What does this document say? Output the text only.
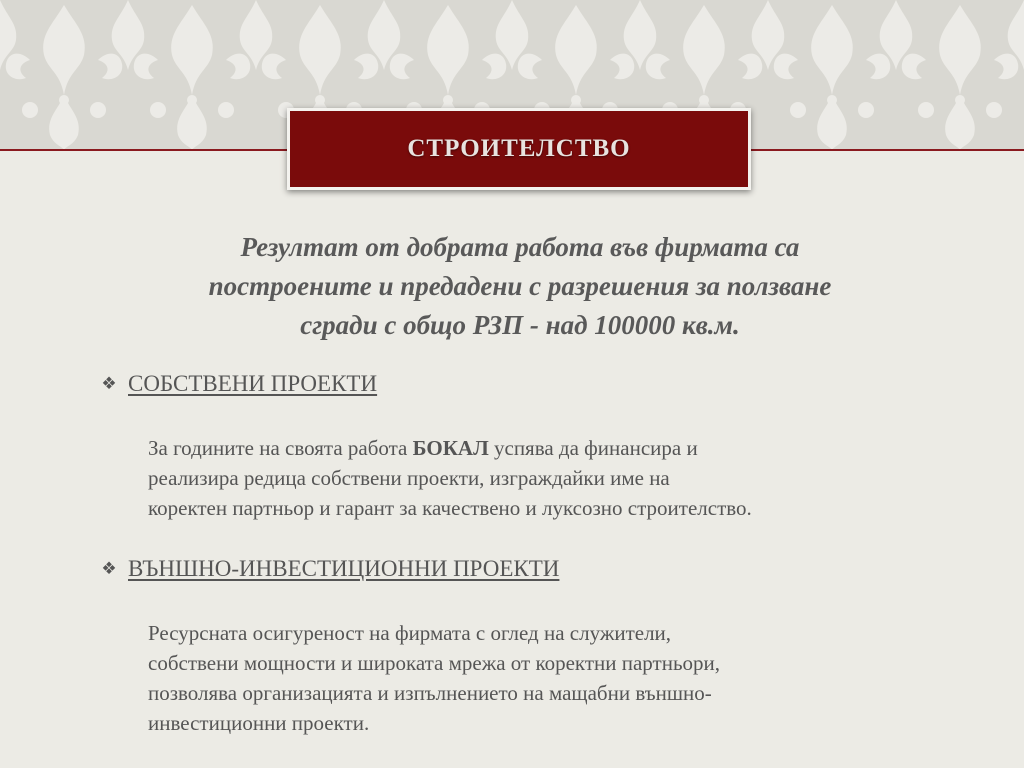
СТРОИТЕЛСТВО

Резултат от добрата работа във фирмата са

построените и предадени с разрешения за ползване

сгради с общо РЗП - над 100000 кв.м.

❖ СОБСТВЕНИ ПРОЕКТИ

За годините на своята работа БОКАЛ успява да финансира и

реализира редица собствени проекти, изграждайки име на

коректен партньор и гарант за качествено и луксозно строителство.

❖ ВЪНШНО-ИНВЕСТИЦИОННИ ПРОЕКТИ

Ресурсната осигуреност на фирмата с оглед на служители,

собствени мощности и широката мрежа от коректни партньори,

позволява организацията и изпълнението на мащабни външно-

инвестиционни проекти.
